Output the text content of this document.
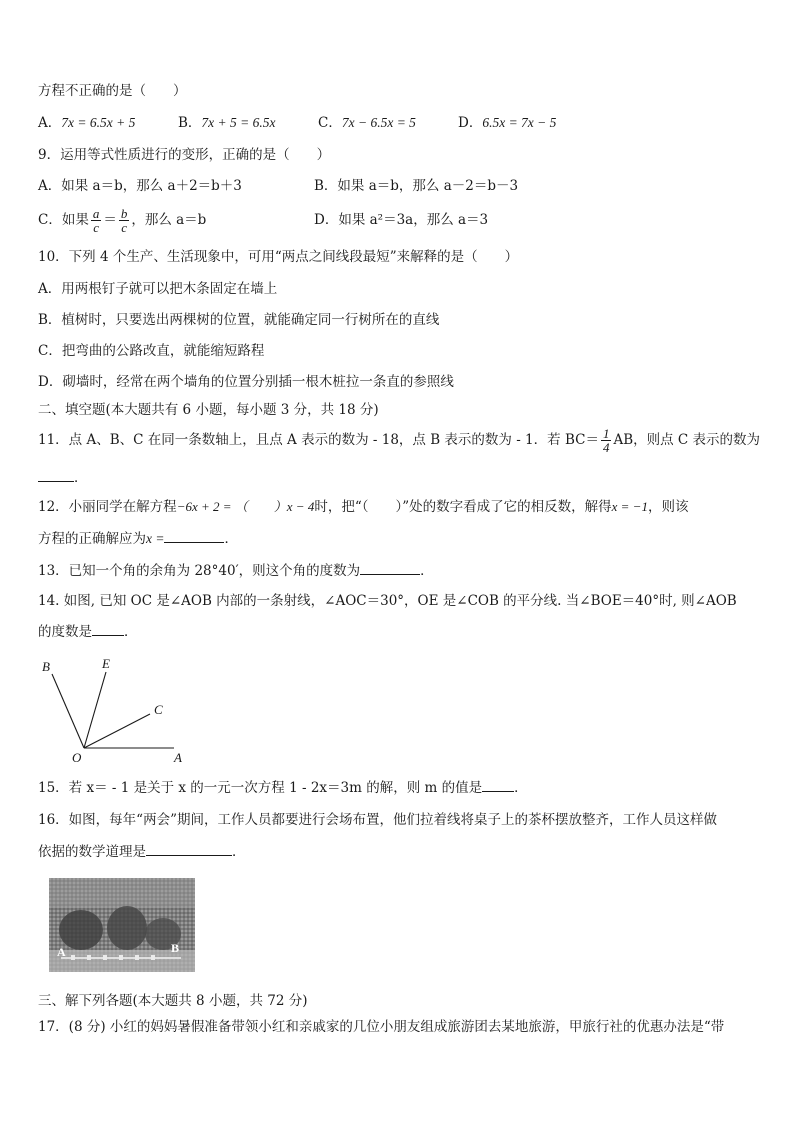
方程不正确的是（　　）
A．7x = 6.5x + 5	B．7x + 5 = 6.5x	C．7x − 6.5x = 5	D．6.5x = 7x − 5
9．运用等式性质进行的变形，正确的是（　　）
A．如果 a＝b，那么 a＋2＝b＋3	B．如果 a＝b，那么 a－2＝b－3
C．如果 $\frac{a}{c} = \frac{b}{c}$ ，那么 a＝b	D．如果 a²＝3a，那么 a＝3
10．下列 4 个生产、生活现象中，可用“两点之间线段最短”来解释的是（　　）
A．用两根钉子就可以把木条固定在墙上
B．植树时，只要选出两棵树的位置，就能确定同一行树所在的直线
C．把弯曲的公路改直，就能缩短路程
D．砌墙时，经常在两个墙角的位置分别插一根木桩拉一条直的参照线
二、填空题(本大题共有 6 小题，每小题 3 分，共 18 分)
11．点 A、B、C 在同一条数轴上，且点 A 表示的数为 - 18，点 B 表示的数为 - 1．若 $BC= \frac{1}{4}$ AB，则点 C 表示的数为
．
12．小丽同学在解方程−6x + 2 = （　　）x − 4时，把“（　　）”处的数字看成了它的相反数，解得x = −1，则该
方程的正确解应为x =	．
13．已知一个角的余角为 28°40′，则这个角的度数为	．
14. 如图, 已知 OC 是∠AOB 内部的一条射线，∠AOC＝30°，OE 是∠COB 的平分线. 当∠BOE＝40°时, 则∠AOB
的度数是 ．
B	E
C
O	A
15．若 x＝ - 1 是关于 x 的一元一次方程 1 - 2x＝3m 的解，则 m 的值是 ．
16．如图，每年“两会”期间，工作人员都要进行会场布置，他们拉着线将桌子上的茶杯摆放整齐，工作人员这样做
依据的数学道理是	．
A	B
三、解下列各题(本大题共 8 小题，共 72 分)
17．(8 分) 小红的妈妈暑假准备带领小红和亲戚家的几位小朋友组成旅游团去某地旅游，甲旅行社的优惠办法是“带
